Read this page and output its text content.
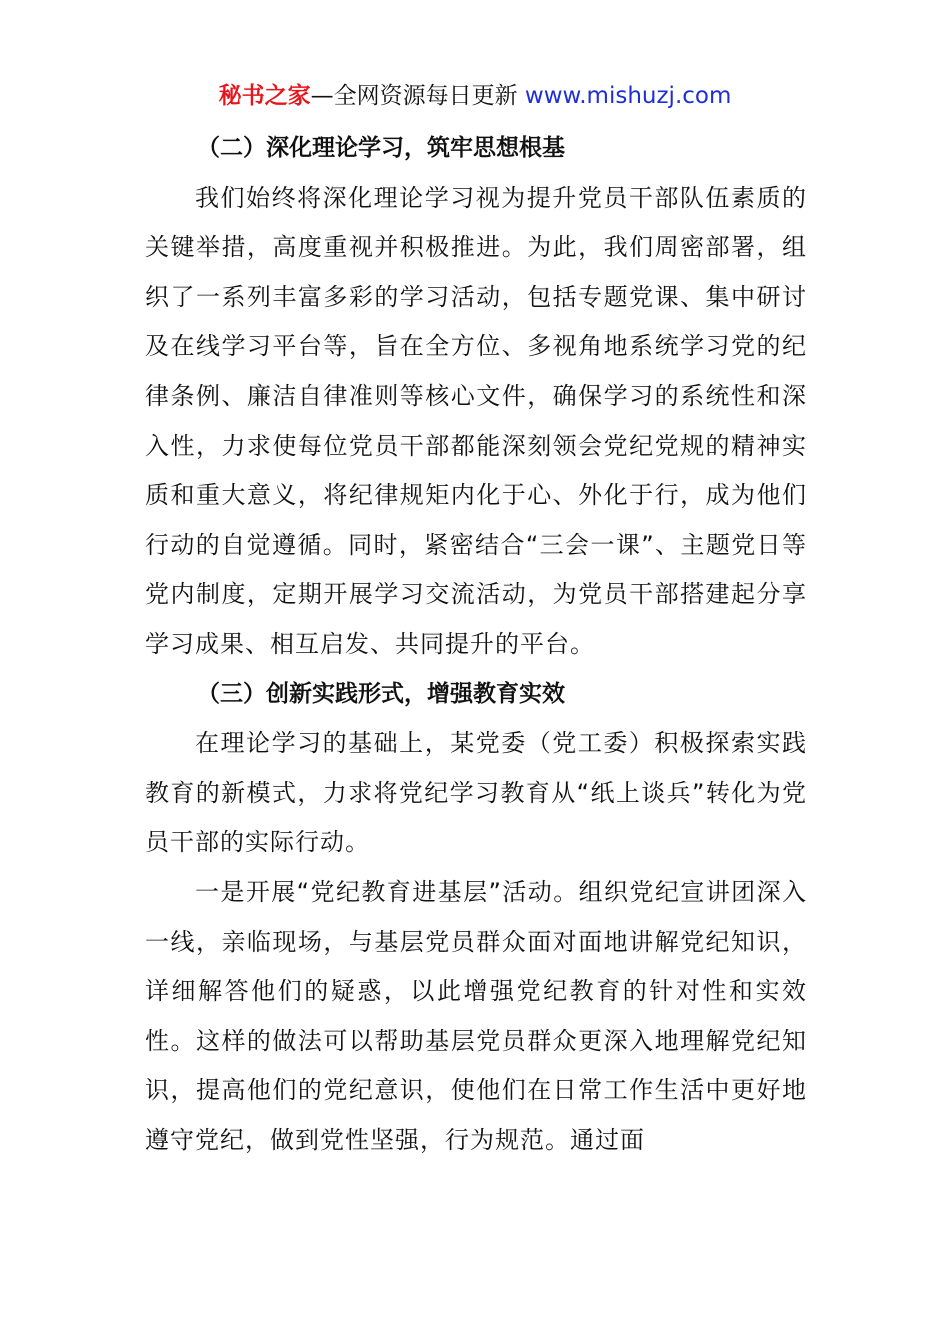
秘书之家—全网资源每日更新 www.mishuzj.com
（二）深化理论学习，筑牢思想根基

我们始终将深化理论学习视为提升党员干部队伍素质的关键举措，高度重视并积极推进。为此，我们周密部署，组织了一系列丰富多彩的学习活动，包括专题党课、集中研讨及在线学习平台等，旨在全方位、多视角地系统学习党的纪律条例、廉洁自律准则等核心文件，确保学习的系统性和深入性，力求使每位党员干部都能深刻领会党纪党规的精神实质和重大意义，将纪律规矩内化于心、外化于行，成为他们行动的自觉遵循。同时，紧密结合“三会一课”、主题党日等党内制度，定期开展学习交流活动，为党员干部搭建起分享学习成果、相互启发、共同提升的平台。

（三）创新实践形式，增强教育实效

在理论学习的基础上，某党委（党工委）积极探索实践教育的新模式，力求将党纪学习教育从“纸上谈兵”转化为党员干部的实际行动。

一是开展“党纪教育进基层”活动。组织党纪宣讲团深入一线，亲临现场，与基层党员群众面对面地讲解党纪知识，详细解答他们的疑惑，以此增强党纪教育的针对性和实效性。这样的做法可以帮助基层党员群众更深入地理解党纪知识，提高他们的党纪意识，使他们在日常工作生活中更好地遵守党纪，做到党性坚强，行为规范。通过面
